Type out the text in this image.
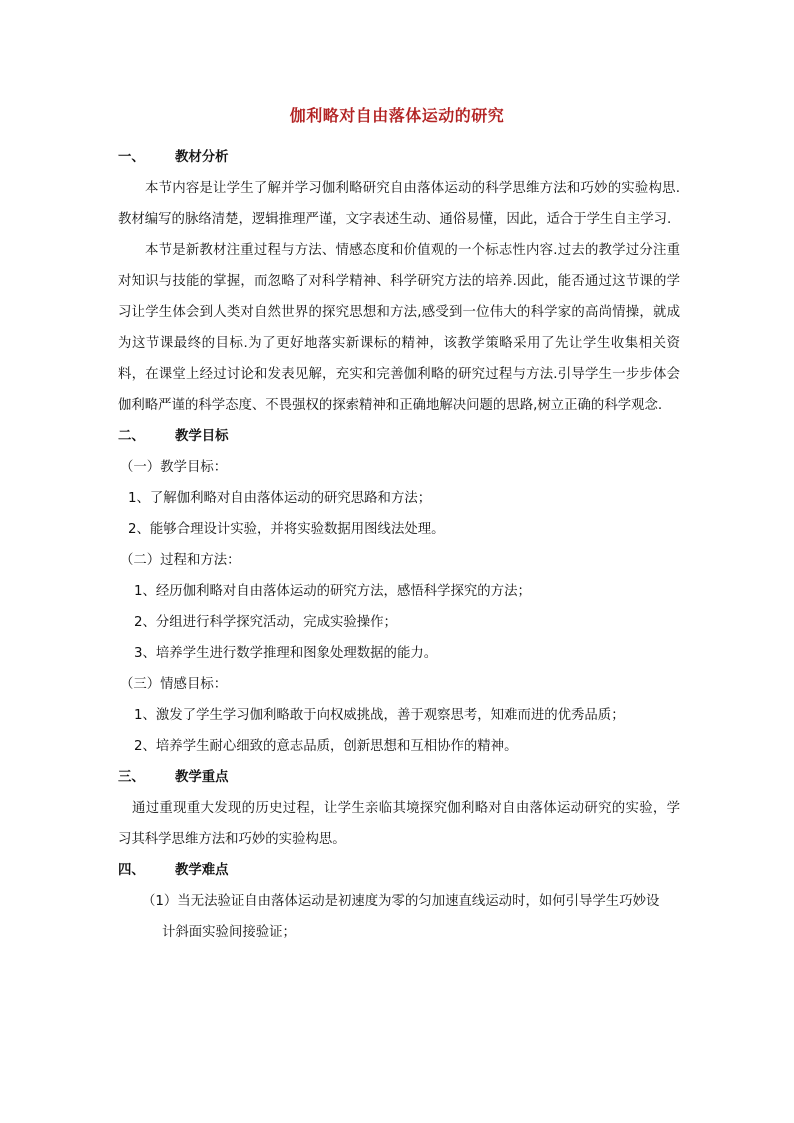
伽利略对自由落体运动的研究
一、 教材分析
本节内容是让学生了解并学习伽利略研究自由落体运动的科学思维方法和巧妙的实验构思.教材编写的脉络清楚，逻辑推理严谨，文字表述生动、通俗易懂，因此，适合于学生自主学习.
本节是新教材注重过程与方法、情感态度和价值观的一个标志性内容.过去的教学过分注重对知识与技能的掌握，而忽略了对科学精神、科学研究方法的培养.因此，能否通过这节课的学习让学生体会到人类对自然世界的探究思想和方法,感受到一位伟大的科学家的高尚情操，就成为这节课最终的目标.为了更好地落实新课标的精神，该教学策略采用了先让学生收集相关资料，在课堂上经过讨论和发表见解，充实和完善伽利略的研究过程与方法.引导学生一步步体会伽利略严谨的科学态度、不畏强权的探索精神和正确地解决问题的思路,树立正确的科学观念.
二、 教学目标
（一）教学目标：
1、了解伽利略对自由落体运动的研究思路和方法；
2、能够合理设计实验，并将实验数据用图线法处理。
（二）过程和方法：
1、经历伽利略对自由落体运动的研究方法，感悟科学探究的方法；
2、分组进行科学探究活动，完成实验操作；
3、培养学生进行数学推理和图象处理数据的能力。
（三）情感目标：
1、激发了学生学习伽利略敢于向权威挑战，善于观察思考，知难而进的优秀品质；
2、培养学生耐心细致的意志品质，创新思想和互相协作的精神。
三、 教学重点
通过重现重大发现的历史过程，让学生亲临其境探究伽利略对自由落体运动研究的实验，学习其科学思维方法和巧妙的实验构思。
四、 教学难点
（1）当无法验证自由落体运动是初速度为零的匀加速直线运动时，如何引导学生巧妙设
计斜面实验间接验证；
